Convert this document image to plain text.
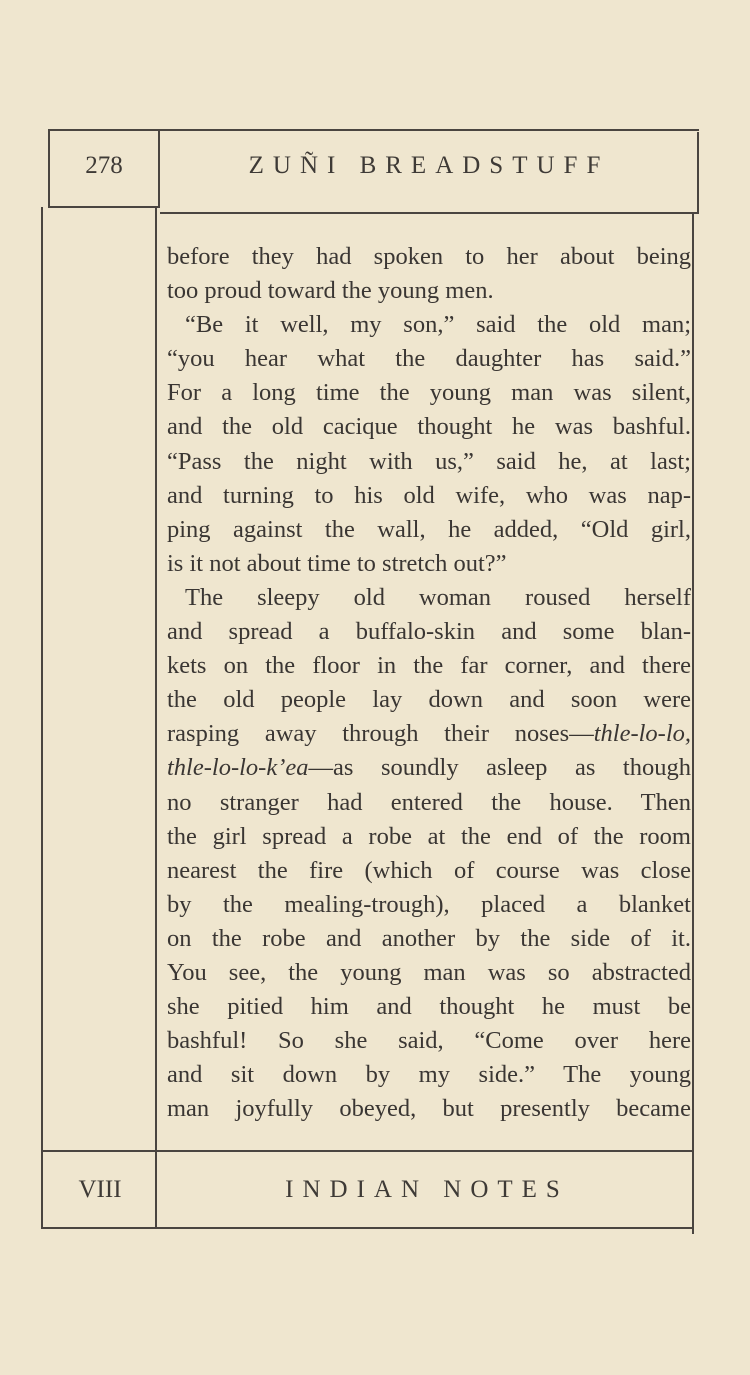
278	ZUÑI BREADSTUFF
VIII	INDIAN NOTES
before they had spoken to her about being
too proud toward the young men.
“Be it well, my son,” said the old man;
“you hear what the daughter has said.”
For a long time the young man was silent,
and the old cacique thought he was bashful.
“Pass the night with us,” said he, at last;
and turning to his old wife, who was nap-
ping against the wall, he added, “Old girl,
is it not about time to stretch out?”
The sleepy old woman roused herself
and spread a buffalo-skin and some blan-
kets on the floor in the far corner, and there
the old people lay down and soon were
rasping away through their noses—thle-lo-lo,
thle-lo-lo-k’ea—as soundly asleep as though
no stranger had entered the house. Then
the girl spread a robe at the end of the room
nearest the fire (which of course was close
by the mealing-trough), placed a blanket
on the robe and another by the side of it.
You see, the young man was so abstracted
she pitied him and thought he must be
bashful! So she said, “Come over here
and sit down by my side.” The young
man joyfully obeyed, but presently became
